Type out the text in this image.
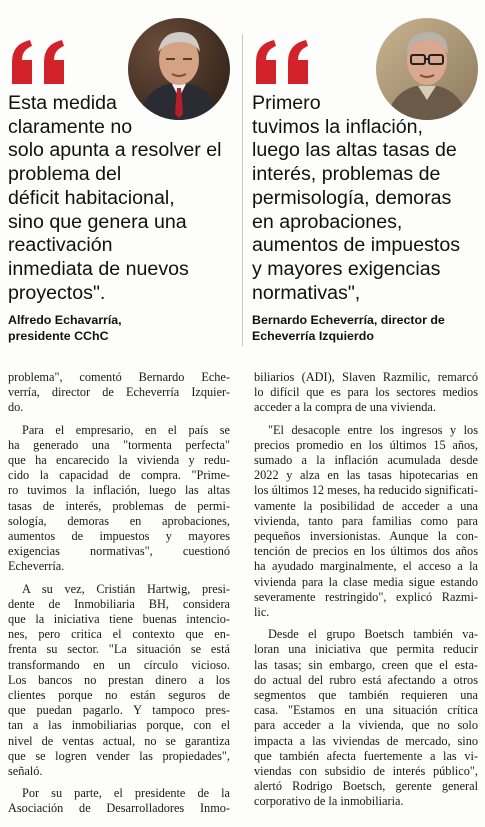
Esta medida
claramente no
solo apunta a resolver el
problema del
déficit habitacional,
sino que genera una
reactivación
inmediata de nuevos
proyectos".
Alfredo Echavarría,
presidente CChC
Primero
tuvimos la inflación,
luego las altas tasas de
interés, problemas de
permisología, demoras
en aprobaciones,
aumentos de impuestos
y mayores exigencias
normativas",
Bernardo Echeverría, director de
Echeverría Izquierdo
problema", comentó Bernardo Eche-
verría, director de Echeverría Izquier-
do.
Para el empresario, en el país se
ha generado una "tormenta perfecta"
que ha encarecido la vivienda y redu-
cido la capacidad de compra. "Prime-
ro tuvimos la inflación, luego las altas
tasas de interés, problemas de permi-
sología, demoras en aprobaciones,
aumentos de impuestos y mayores
exigencias normativas", cuestionó
Echeverría.
A su vez, Cristián Hartwig, presi-
dente de Inmobiliaria BH, considera
que la iniciativa tiene buenas intencio-
nes, pero critica el contexto que en-
frenta su sector. "La situación se está
transformando en un círculo vicioso.
Los bancos no prestan dinero a los
clientes porque no están seguros de
que puedan pagarlo. Y tampoco pres-
tan a las inmobiliarias porque, con el
nivel de ventas actual, no se garantiza
que se logren vender las propiedades",
señaló.
Por su parte, el presidente de la
Asociación de Desarrolladores Inmo-
biliarios (ADI), Slaven Razmilic, remarcó
lo difícil que es para los sectores medios
acceder a la compra de una vivienda.
"El desacople entre los ingresos y los
precios promedio en los últimos 15 años,
sumado a la inflación acumulada desde
2022 y alza en las tasas hipotecarias en
los últimos 12 meses, ha reducido significati-
vamente la posibilidad de acceder a una
vivienda, tanto para familias como para
pequeños inversionistas. Aunque la con-
tención de precios en los últimos dos años
ha ayudado marginalmente, el acceso a la
vivienda para la clase media sigue estando
severamente restringido", explicó Razmi-
lic.
Desde el grupo Boetsch también va-
loran una iniciativa que permita reducir
las tasas; sin embargo, creen que el esta-
do actual del rubro está afectando a otros
segmentos que también requieren una
casa. "Estamos en una situación crítica
para acceder a la vivienda, que no solo
impacta a las viviendas de mercado, sino
que también afecta fuertemente a las vi-
viendas con subsidio de interés público",
alertó Rodrigo Boetsch, gerente general
corporativo de la inmobiliaria.
